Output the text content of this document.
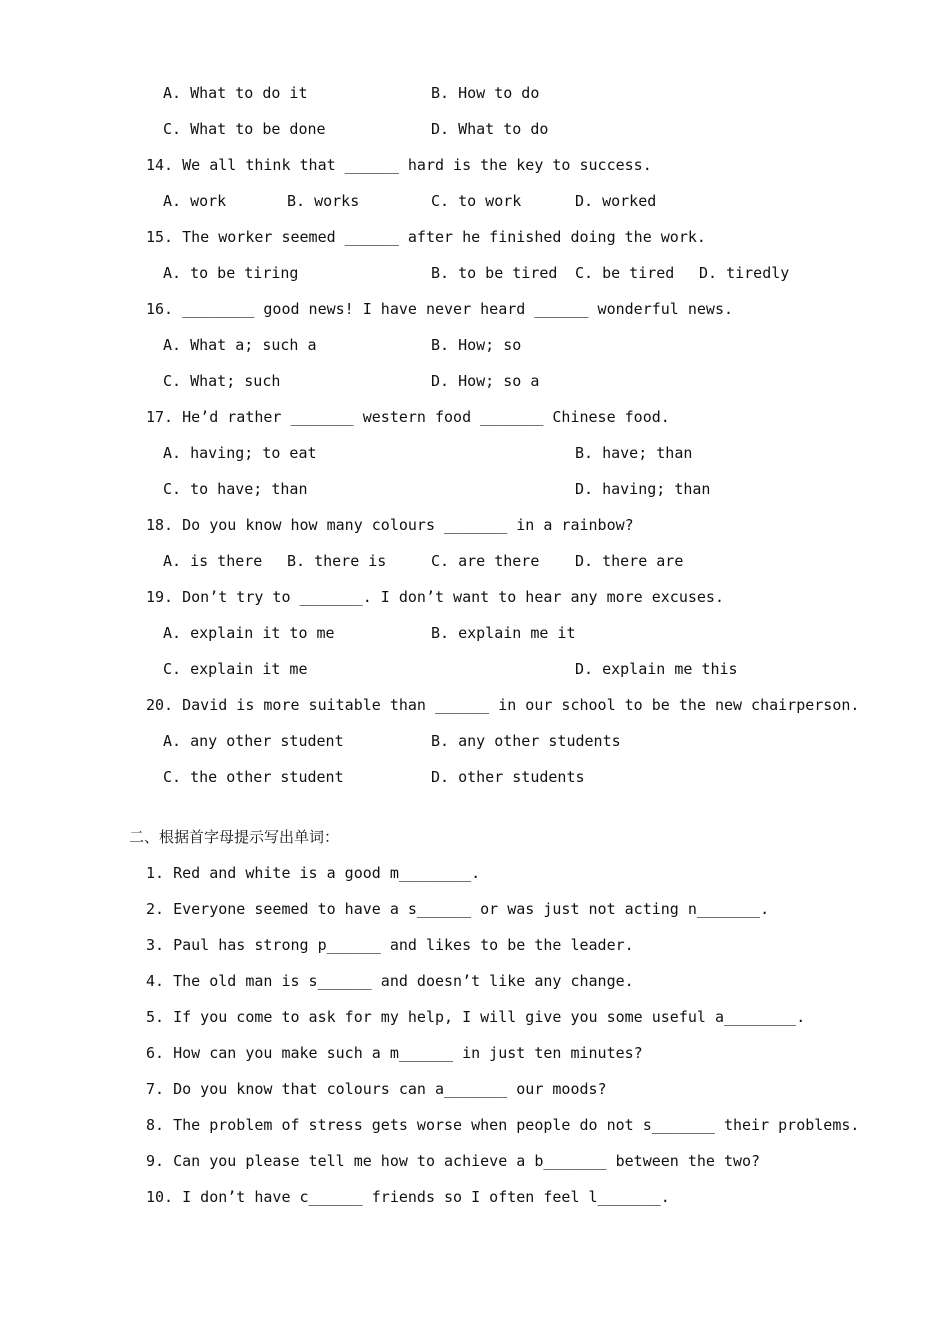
A. What to do it	B. How to do
C. What to be done	D. What to do
14. We all think that ______ hard is the key to success.
A. work	B. works	C. to work	D. worked
15. The worker seemed ______ after he finished doing the work.
A. to be tiring	B. to be tired C. be tired D. tiredly
16. ________ good news! I have never heard ______ wonderful news.
A. What a; such a	B. How; so
C. What; such	D. How; so a
17. He’d rather _______ western food _______ Chinese food.
A. having; to eat	B. have; than
C. to have; than	D. having; than
18. Do you know how many colours _______ in a rainbow?
A. is there B. there is	C. are there D. there are
19. Don’t try to _______. I don’t want to hear any more excuses.
A. explain it to me	B. explain me it
C. explain it me	D. explain me this
20. David is more suitable than ______ in our school to be the new chairperson.
A. any other student	B. any other students
C. the other student	D. other students
二、根据首字母提示写出单词：
1. Red and white is a good m________.
2. Everyone seemed to have a s______ or was just not acting n_______.
3. Paul has strong p______ and likes to be the leader.
4. The old man is s______ and doesn’t like any change.
5. If you come to ask for my help, I will give you some useful a________.
6. How can you make such a m______ in just ten minutes?
7. Do you know that colours can a_______ our moods?
8. The problem of stress gets worse when people do not s_______ their problems.
9. Can you please tell me how to achieve a b_______ between the two?
10. I don’t have c______ friends so I often feel l_______.
